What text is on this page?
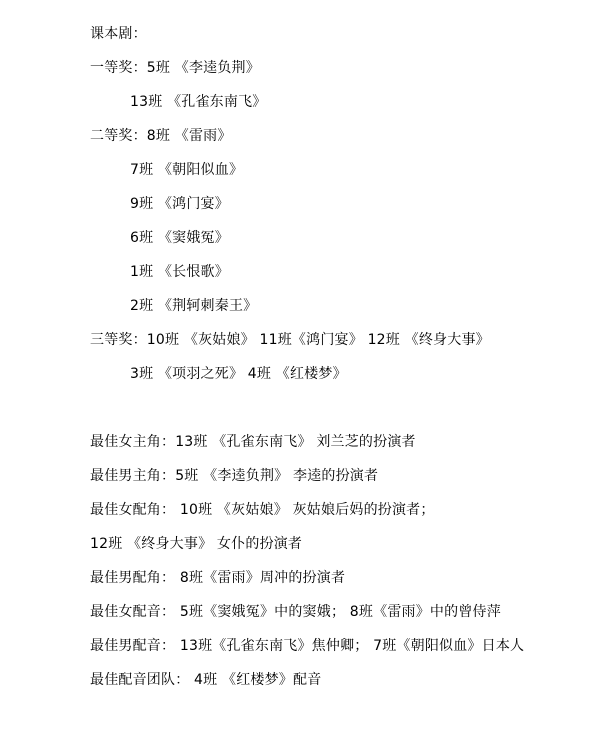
课本剧：
一等奖：5班 《李逵负荆》
13班 《孔雀东南飞》
二等奖：8班 《雷雨》
7班 《朝阳似血》
9班 《鸿门宴》
6班 《窦娥冤》
1班 《长恨歌》
2班 《荆轲刺秦王》
三等奖：10班 《灰姑娘》 11班《鸿门宴》 12班 《终身大事》
3班 《项羽之死》 4班 《红楼梦》
最佳女主角：13班 《孔雀东南飞》 刘兰芝的扮演者
最佳男主角：5班 《李逵负荆》 李逵的扮演者
最佳女配角： 10班 《灰姑娘》 灰姑娘后妈的扮演者；
12班 《终身大事》 女仆的扮演者
最佳男配角： 8班《雷雨》周冲的扮演者
最佳女配音： 5班《窦娥冤》中的窦娥； 8班《雷雨》中的曾侍萍
最佳男配音： 13班《孔雀东南飞》焦仲卿； 7班《朝阳似血》日本人
最佳配音团队： 4班 《红楼梦》配音
